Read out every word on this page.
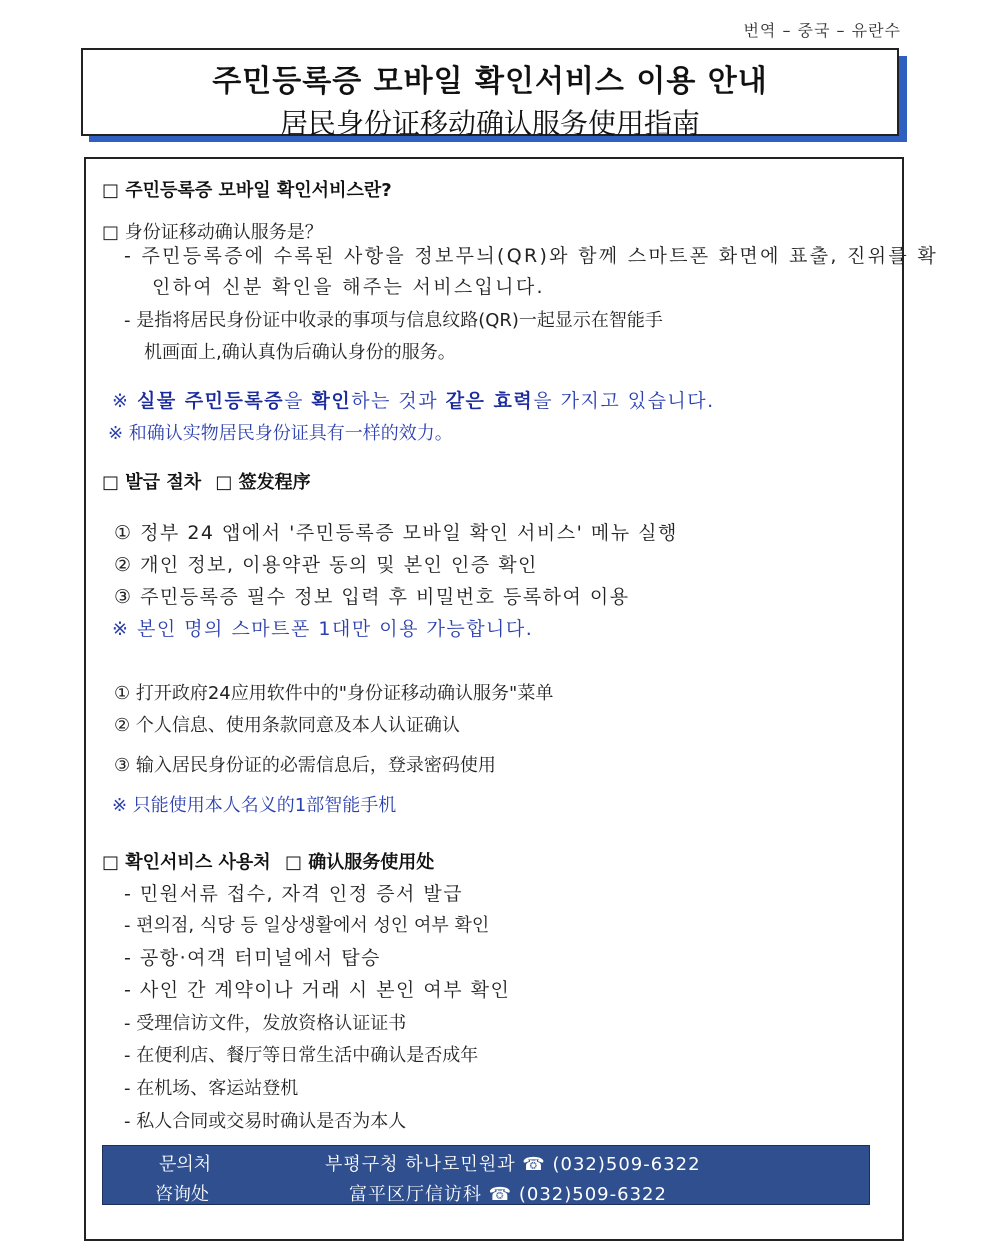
번역 – 중국 – 유란수
주민등록증 모바일 확인서비스 이용 안내
居民身份证移动确认服务使用指南
□ 주민등록증 모바일 확인서비스란?
□ 身份证移动确认服务是？
- 주민등록증에 수록된 사항을 정보무늬(QR)와 함께 스마트폰 화면에 표출, 진위를 확
인하여 신분 확인을 해주는 서비스입니다.
- 是指将居民身份证中收录的事项与信息纹路(QR)一起显示在智能手
机画面上,确认真伪后确认身份的服务。
※ 실물 주민등록증을 확인하는 것과 같은 효력을 가지고 있습니다.
※ 和确认实物居民身份证具有一样的效力。
□ 발급 절차 □ 签发程序
① 정부 24 앱에서 '주민등록증 모바일 확인 서비스' 메뉴 실행
② 개인 정보, 이용약관 동의 및 본인 인증 확인
③ 주민등록증 필수 정보 입력 후 비밀번호 등록하여 이용
※ 본인 명의 스마트폰 1대만 이용 가능합니다.
① 打开政府24应用软件中的"身份证移动确认服务"菜单
② 个人信息、使用条款同意及本人认证确认
③ 输入居民身份证的必需信息后，登录密码使用
※ 只能使用本人名义的1部智能手机
□ 확인서비스 사용처 □ 确认服务使用处
- 민원서류 접수, 자격 인정 증서 발급
- 편의점, 식당 등 일상생활에서 성인 여부 확인
- 공항·여객 터미널에서 탑승
- 사인 간 계약이나 거래 시 본인 여부 확인
- 受理信访文件，发放资格认证证书
- 在便利店、餐厅等日常生活中确认是否成年
- 在机场、客运站登机
- 私人合同或交易时确认是否为本人
문의처
咨询处
부평구청 하나로민원과 ☎ (032)509-6322
富平区厅信访科 ☎ (032)509-6322
